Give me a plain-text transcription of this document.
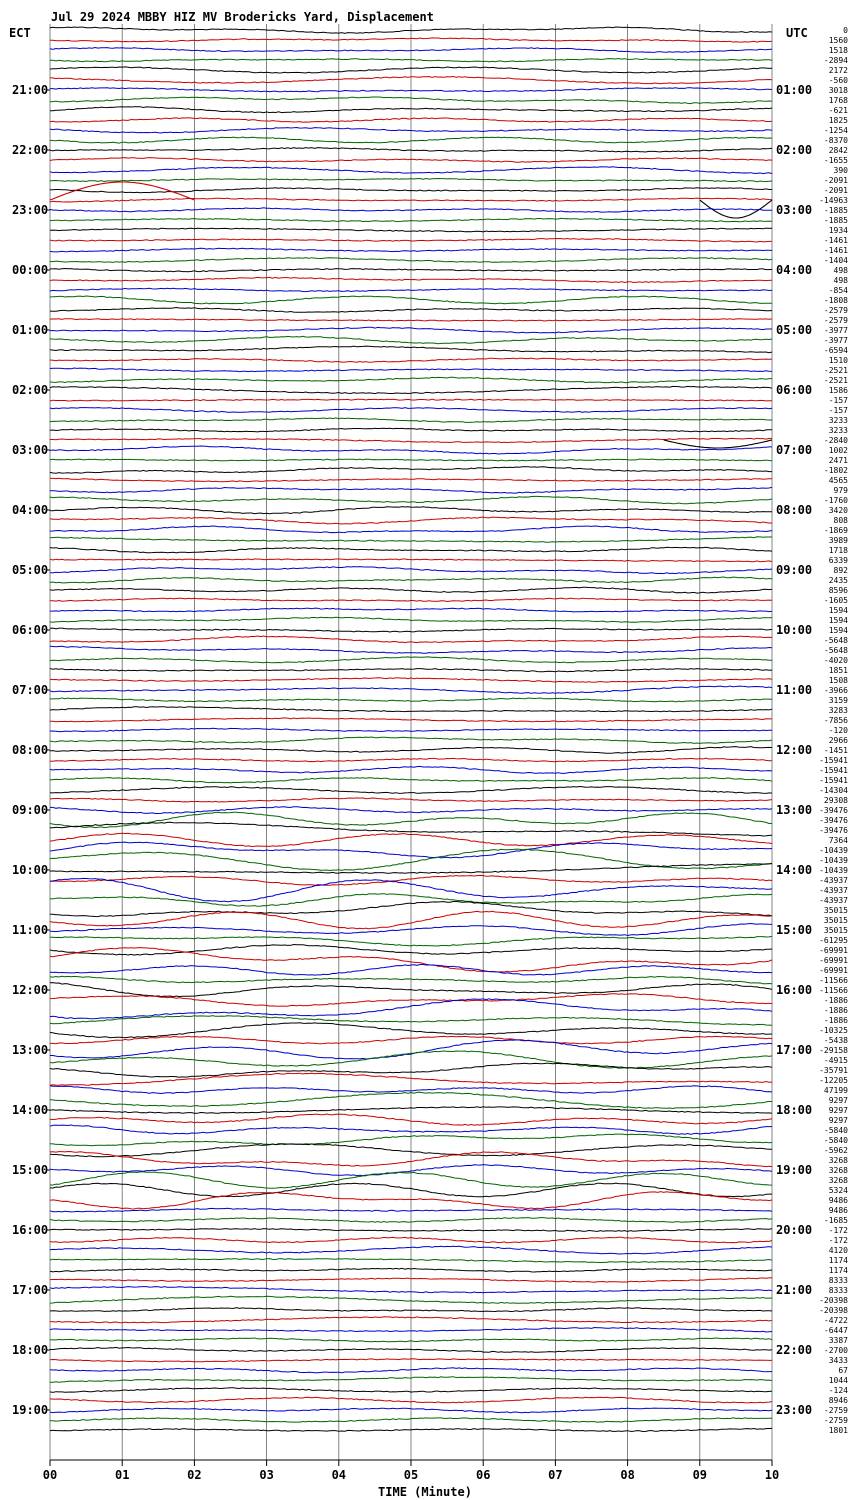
Jul 29 2024 MBBY HIZ MV Brodericks Yard, Displacement
ECT	UTC
TIME (Minute)
21:00
22:00
23:00
00:00
01:00
02:00
03:00
04:00
05:00
06:00
07:00
08:00
09:00
10:00
11:00
12:00
13:00
14:00
15:00
16:00
17:00
18:00
19:00
01:00
02:00
03:00
04:00
05:00
06:00
07:00
08:00
09:00
10:00
11:00
12:00
13:00
14:00
15:00
16:00
17:00
18:00
19:00
20:00
21:00
22:00
23:00
0
1560
1518
-2894
2172
-560
3018
1768
-621
1825
-1254
-8370
2842
-1655
390
-2091
-2091
-14963
-1885
-1885
1934
-1461
-1461
-1404
498
498
-854
-1808
-2579
-2579
-3977
-3977
-6594
1510
-2521
-2521
1586
-157
-157
3233
3233
-2840
1002
2471
-1802
4565
979
-1760
3420
808
-1869
3989
1718
6339
892
2435
8596
-1605
1594
1594
1594
-5648
-5648
-4020
1851
1508
-3966
3159
3283
-7856
-120
2966
-1451
-15941
-15941
-15941
-14304
29308
-39476
-39476
-39476
7364
-10439
-10439
-10439
-43937
-43937
-43937
35015
35015
35015
-61295
-69991
-69991
-69991
-11566
-11566
-1886
-1886
-1886
-10325
-5438
-29158
-4915
-35791
-12205
47199
9297
9297
9297
-5840
-5840
-5962
3268
3268
3268
5324
9486
9486
-1685
-172
-172
4120
1174
1174
8333
8333
-20398
-20398
-4722
-6447
3387
-2700
3433
67
1044
-124
8946
-2759
-2759
1801
00	01	02	03	04	05	06	07	08	09	10
